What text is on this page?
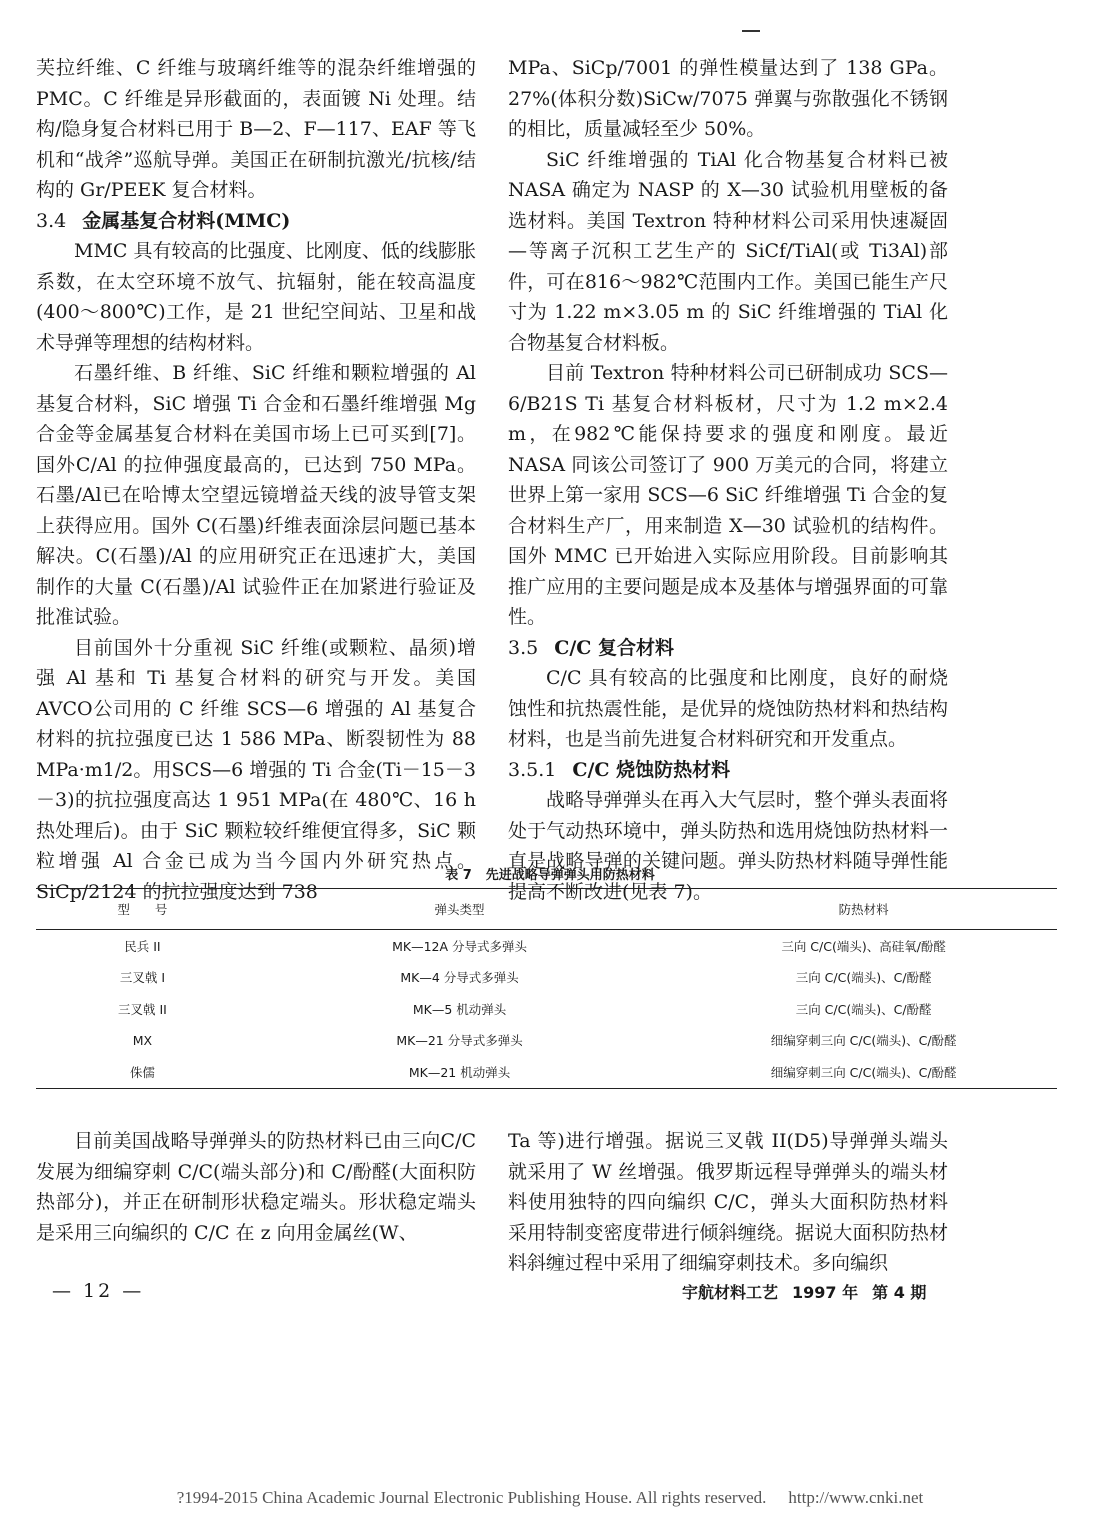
芙拉纤维、C 纤维与玻璃纤维等的混杂纤维增强的PMC。C 纤维是异形截面的，表面镀 Ni 处理。结构/隐身复合材料已用于 B—2、F—117、EAF 等飞机和“战斧”巡航导弹。美国正在研制抗激光/抗核/结构的 Gr/PEEK 复合材料。

3.4 金属基复合材料(MMC)

MMC 具有较高的比强度、比刚度、低的线膨胀系数，在太空环境不放气、抗辐射，能在较高温度(400～800℃)工作，是 21 世纪空间站、卫星和战术导弹等理想的结构材料。

石墨纤维、B 纤维、SiC 纤维和颗粒增强的 Al 基复合材料，SiC 增强 Ti 合金和石墨纤维增强 Mg 合金等金属基复合材料在美国市场上已可买到[7]。国外C/Al 的拉伸强度最高的，已达到 750 MPa。石墨/Al已在哈博太空望远镜增益天线的波导管支架上获得应用。国外 C(石墨)纤维表面涂层问题已基本解决。C(石墨)/Al 的应用研究正在迅速扩大，美国制作的大量 C(石墨)/Al 试验件正在加紧进行验证及批准试验。

目前国外十分重视 SiC 纤维(或颗粒、晶须)增强 Al 基和 Ti 基复合材料的研究与开发。美国 AVCO公司用的 C 纤维 SCS—6 增强的 Al 基复合材料的抗拉强度已达 1 586 MPa、断裂韧性为 88 MPa·m1/2。用SCS—6 增强的 Ti 合金(Ti－15－3－3)的抗拉强度高达 1 951 MPa(在 480℃、16 h 热处理后)。由于 SiC 颗粒较纤维便宜得多，SiC 颗粒增强 Al 合金已成为当今国内外研究热点。SiCp/2124 的抗拉强度达到 738

MPa、SiCp/7001 的弹性模量达到了 138 GPa。27%(体积分数)SiCw/7075 弹翼与弥散强化不锈钢的相比，质量减轻至少 50%。

SiC 纤维增强的 TiAl 化合物基复合材料已被NASA 确定为 NASP 的 X—30 试验机用壁板的备选材料。美国 Textron 特种材料公司采用快速凝固—等离子沉积工艺生产的 SiCf/TiAl(或 Ti3Al)部件，可在816～982℃范围内工作。美国已能生产尺寸为 1.22 m×3.05 m 的 SiC 纤维增强的 TiAl 化合物基复合材料板。

目前 Textron 特种材料公司已研制成功 SCS—6/B21S Ti 基复合材料板材，尺寸为 1.2 m×2.4 m，在982℃能保持要求的强度和刚度。最近 NASA 同该公司签订了 900 万美元的合同，将建立世界上第一家用 SCS—6 SiC 纤维增强 Ti 合金的复合材料生产厂，用来制造 X—30 试验机的结构件。国外 MMC 已开始进入实际应用阶段。目前影响其推广应用的主要问题是成本及基体与增强界面的可靠性。

3.5 C/C 复合材料

C/C 具有较高的比强度和比刚度，良好的耐烧蚀性和抗热震性能，是优异的烧蚀防热材料和热结构材料，也是当前先进复合材料研究和开发重点。

3.5.1 C/C 烧蚀防热材料

战略导弹弹头在再入大气层时，整个弹头表面将处于气动热环境中，弹头防热和选用烧蚀防热材料一直是战略导弹的关键问题。弹头防热材料随导弹性能提高不断改进(见表 7)。

表 7 先进战略导弹弹头用防热材料
型　　号	弹头类型	防热材料
民兵 II	MK—12A 分导式多弹头	三向 C/C(端头)、高硅氧/酚醛
三叉戟 I	MK—4 分导式多弹头	三向 C/C(端头)、C/酚醛
三叉戟 II	MK—5 机动弹头	三向 C/C(端头)、C/酚醛
MX	MK—21 分导式多弹头	细编穿刺三向 C/C(端头)、C/酚醛
侏儒	MK—21 机动弹头	细编穿刺三向 C/C(端头)、C/酚醛

目前美国战略导弹弹头的防热材料已由三向C/C 发展为细编穿刺 C/C(端头部分)和 C/酚醛(大面积防热部分)，并正在研制形状稳定端头。形状稳定端头是采用三向编织的 C/C 在 z 向用金属丝(W、

Ta 等)进行增强。据说三叉戟 II(D5)导弹弹头端头就采用了 W 丝增强。俄罗斯远程导弹弹头的端头材料使用独特的四向编织 C/C，弹头大面积防热材料采用特制变密度带进行倾斜缠绕。据说大面积防热材料斜缠过程中采用了细编穿刺技术。多向编织

— 12 —	宇航材料工艺 1997 年 第 4 期
?1994-2015 China Academic Journal Electronic Publishing House. All rights reserved. http://www.cnki.net
